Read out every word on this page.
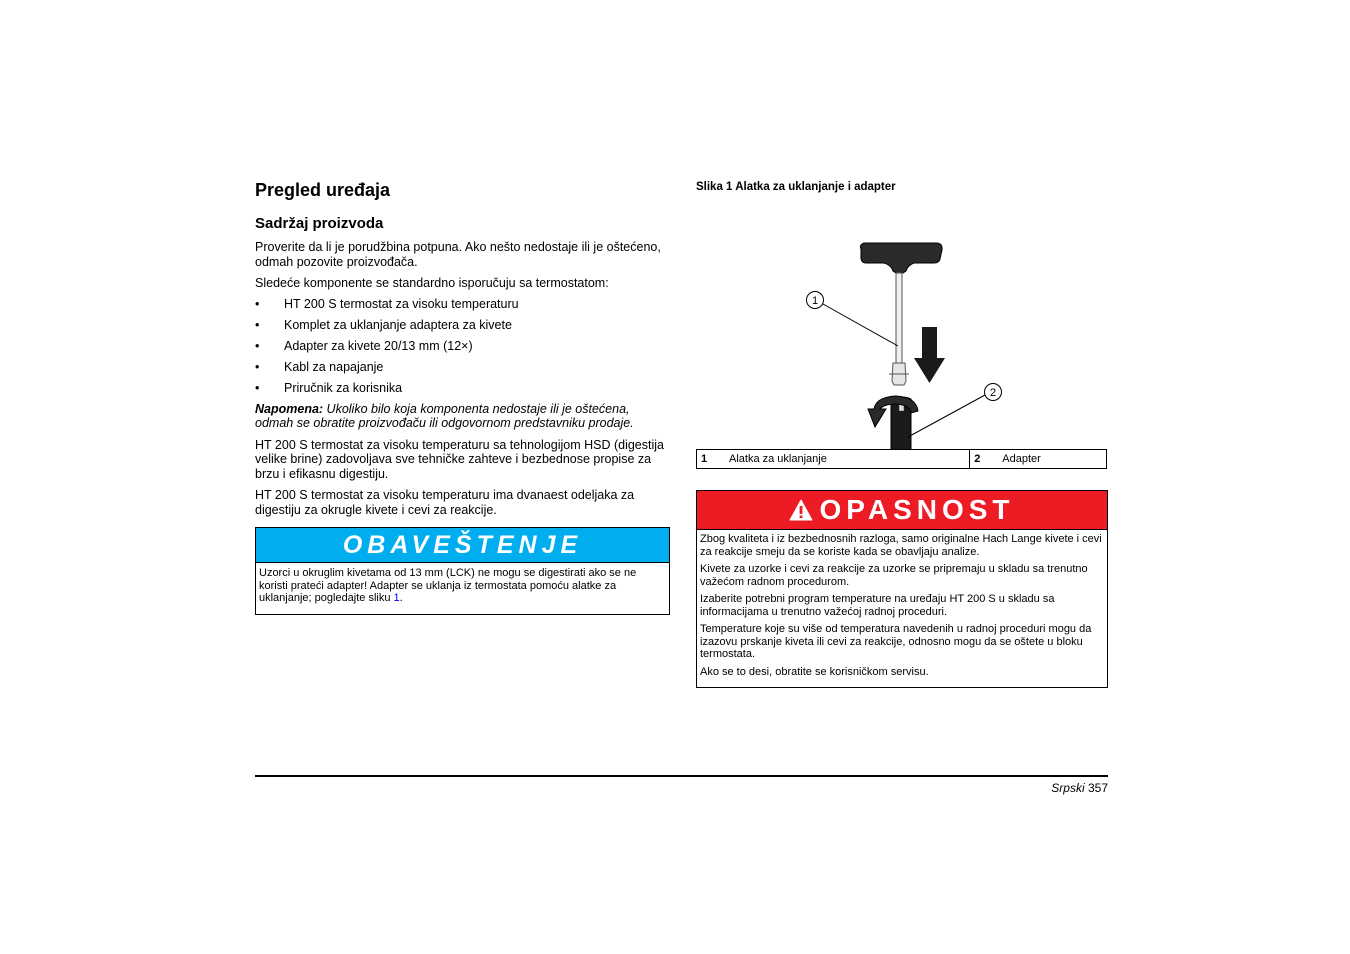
Pregled uređaja
Sadržaj proizvoda

Proverite da li je porudžbina potpuna. Ako nešto nedostaje ili je oštećeno, odmah pozovite proizvođača.

Sledeće komponente se standardno isporučuju sa termostatom:

• HT 200 S termostat za visoku temperaturu
• Komplet za uklanjanje adaptera za kivete
• Adapter za kivete 20/13 mm (12×)
• Kabl za napajanje
• Priručnik za korisnika

Napomena: Ukoliko bilo koja komponenta nedostaje ili je oštećena, odmah se obratite proizvođaču ili odgovornom predstavniku prodaje.

HT 200 S termostat za visoku temperaturu sa tehnologijom HSD (digestija velike brine) zadovoljava sve tehničke zahteve i bezbednose propise za brzu i efikasnu digestiju.

HT 200 S termostat za visoku temperaturu ima dvanaest odeljaka za digestiju za okrugle kivete i cevi za reakcije.

OBAVEŠTENJE
Uzorci u okruglim kivetama od 13 mm (LCK) ne mogu se digestirati ako se ne koristi prateći adapter! Adapter se uklanja iz termostata pomoću alatke za uklanjanje; pogledajte sliku 1.
Slika 1 Alatka za uklanjanje i adapter
1
2
1	Alatka za uklanjanje	2	Adapter
OPASNOST

Zbog kvaliteta i iz bezbednosnih razloga, samo originalne Hach Lange kivete i cevi za reakcije smeju da se koriste kada se obavljaju analize.

Kivete za uzorke i cevi za reakcije za uzorke se pripremaju u skladu sa trenutno važećom radnom procedurom.

Izaberite potrebni program temperature na uređaju HT 200 S u skladu sa informacijama u trenutno važećoj radnoj proceduri.

Temperature koje su više od temperatura navedenih u radnoj proceduri mogu da izazovu prskanje kiveta ili cevi za reakcije, odnosno mogu da se oštete u bloku termostata.

Ako se to desi, obratite se korisničkom servisu.

Srpski 357
